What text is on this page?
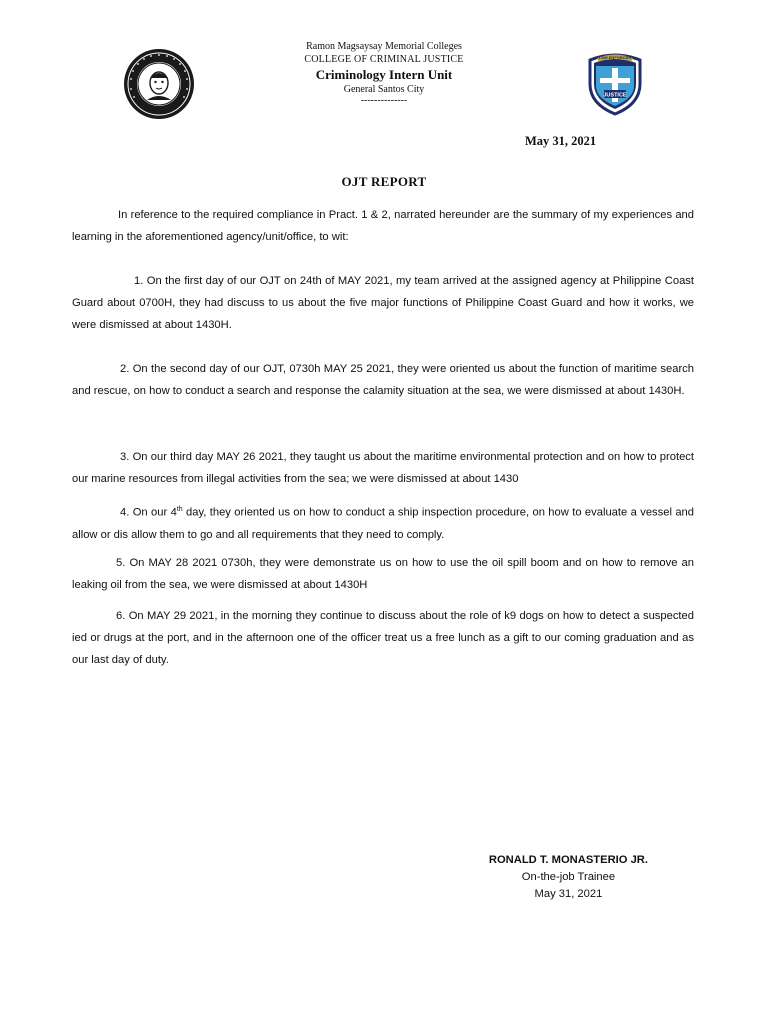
Ramon Magsaysay Memorial Colleges
COLLEGE OF CRIMINAL JUSTICE
Criminology Intern Unit
General Santos City
--------------	JUSTICE
LAW ENFORCER
May 31, 2021
OJT REPORT
In reference to the required compliance in Pract. 1 & 2, narrated hereunder are the summary of my experiences and learning in the aforementioned agency/unit/office, to wit:
1. On the first day of our OJT on 24th of MAY 2021, my team arrived at the assigned agency at Philippine Coast Guard about 0700H, they had discuss to us about the five major functions of Philippine Coast Guard and how it works, we were dismissed at about 1430H.
2. On the second day of our OJT, 0730h MAY 25 2021, they were oriented us about the function of maritime search and rescue, on how to conduct a search and response the calamity situation at the sea, we were dismissed at about 1430H.
3. On our third day MAY 26 2021, they taught us about the maritime environmental protection and on how to protect our marine resources from illegal activities from the sea; we were dismissed at about 1430
4. On our 4th day, they oriented us on how to conduct a ship inspection procedure, on how to evaluate a vessel and allow or dis allow them to go and all requirements that they need to comply.
5. On MAY 28 2021 0730h, they were demonstrate us on how to use the oil spill boom and on how to remove an leaking oil from the sea, we were dismissed at about 1430H
6. On MAY 29 2021, in the morning they continue to discuss about the role of k9 dogs on how to detect a suspected ied or drugs at the port, and in the afternoon one of the officer treat us a free lunch as a gift to our coming graduation and as our last day of duty.
RONALD T. MONASTERIO JR.
On-the-job Trainee
May 31, 2021
